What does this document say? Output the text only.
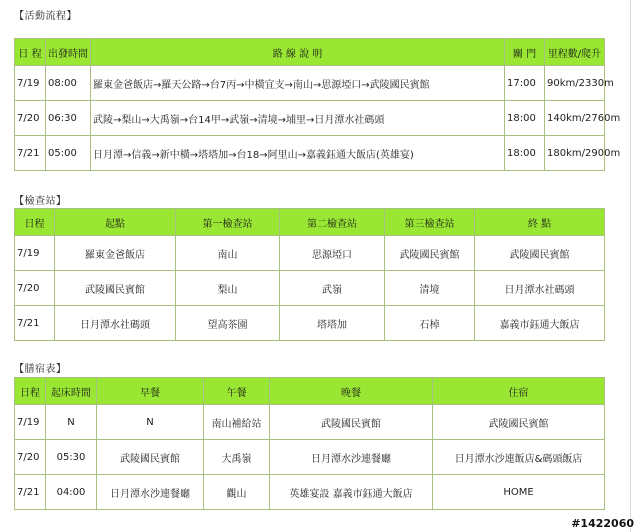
【活動流程】
日 程	出發時間	路 線 說 明	關 門	里程數/爬升
7/19	08:00	羅東金爸飯店→羅天公路→台7丙→中橫宜支→南山→思源埡口→武陵國民賓館	17:00	90km/2330m
7/20	06:30	武陵→梨山→大禹嶺→台14甲→武嶺→清境→埔里→日月潭水社碼頭	18:00	140km/2760m
7/21	05:00	日月潭→信義→新中橫→塔塔加→台18→阿里山→嘉義鈺通大飯店(英雄宴)	18:00	180km/2900m
【檢查站】
日程	起點	第一檢查站	第二檢查站	第三檢查站	終 點
7/19	羅東金爸飯店	南山	思源埡口	武陵國民賓館	武陵國民賓館
7/20	武陵國民賓館	梨山	武嶺	清境	日月潭水社碼頭
7/21	日月潭水社碼頭	望高茶園	塔塔加	石棹	嘉義市鈺通大飯店
【膳宿表】
日程	起床時間	早餐	午餐	晚餐	住宿
7/19	N	N	南山補給站	武陵國民賓館	武陵國民賓館
7/20	05:30	武陵國民賓館	大禹嶺	日月潭水沙連餐廳	日月潭水沙連飯店&碼頭飯店
7/21	04:00	日月潭水沙連餐廳	觀山	英雄宴設 嘉義市鈺通大飯店	HOME
#1422060
